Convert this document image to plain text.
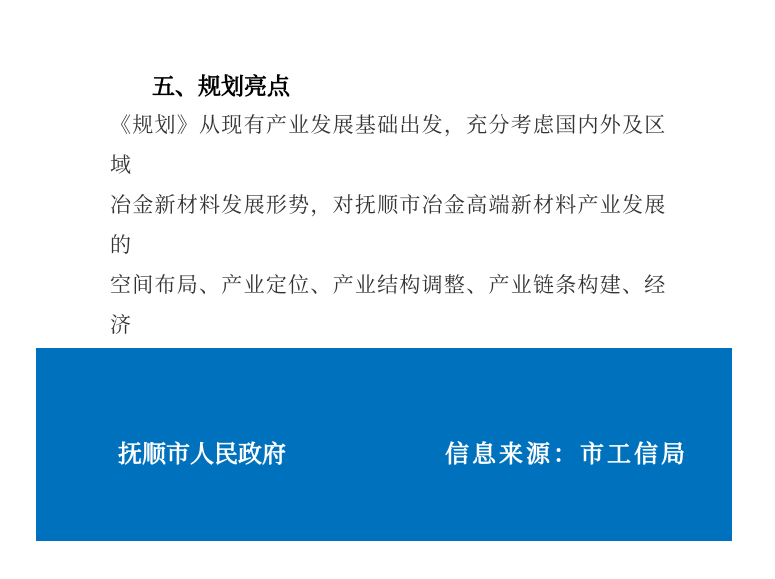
五、规划亮点
《规划》从现有产业发展基础出发，充分考虑国内外及区域
冶金新材料发展形势，对抚顺市冶金高端新材料产业发展的
空间布局、产业定位、产业结构调整、产业链条构建、经济
抚顺市人民政府	信息来源：市工信局
